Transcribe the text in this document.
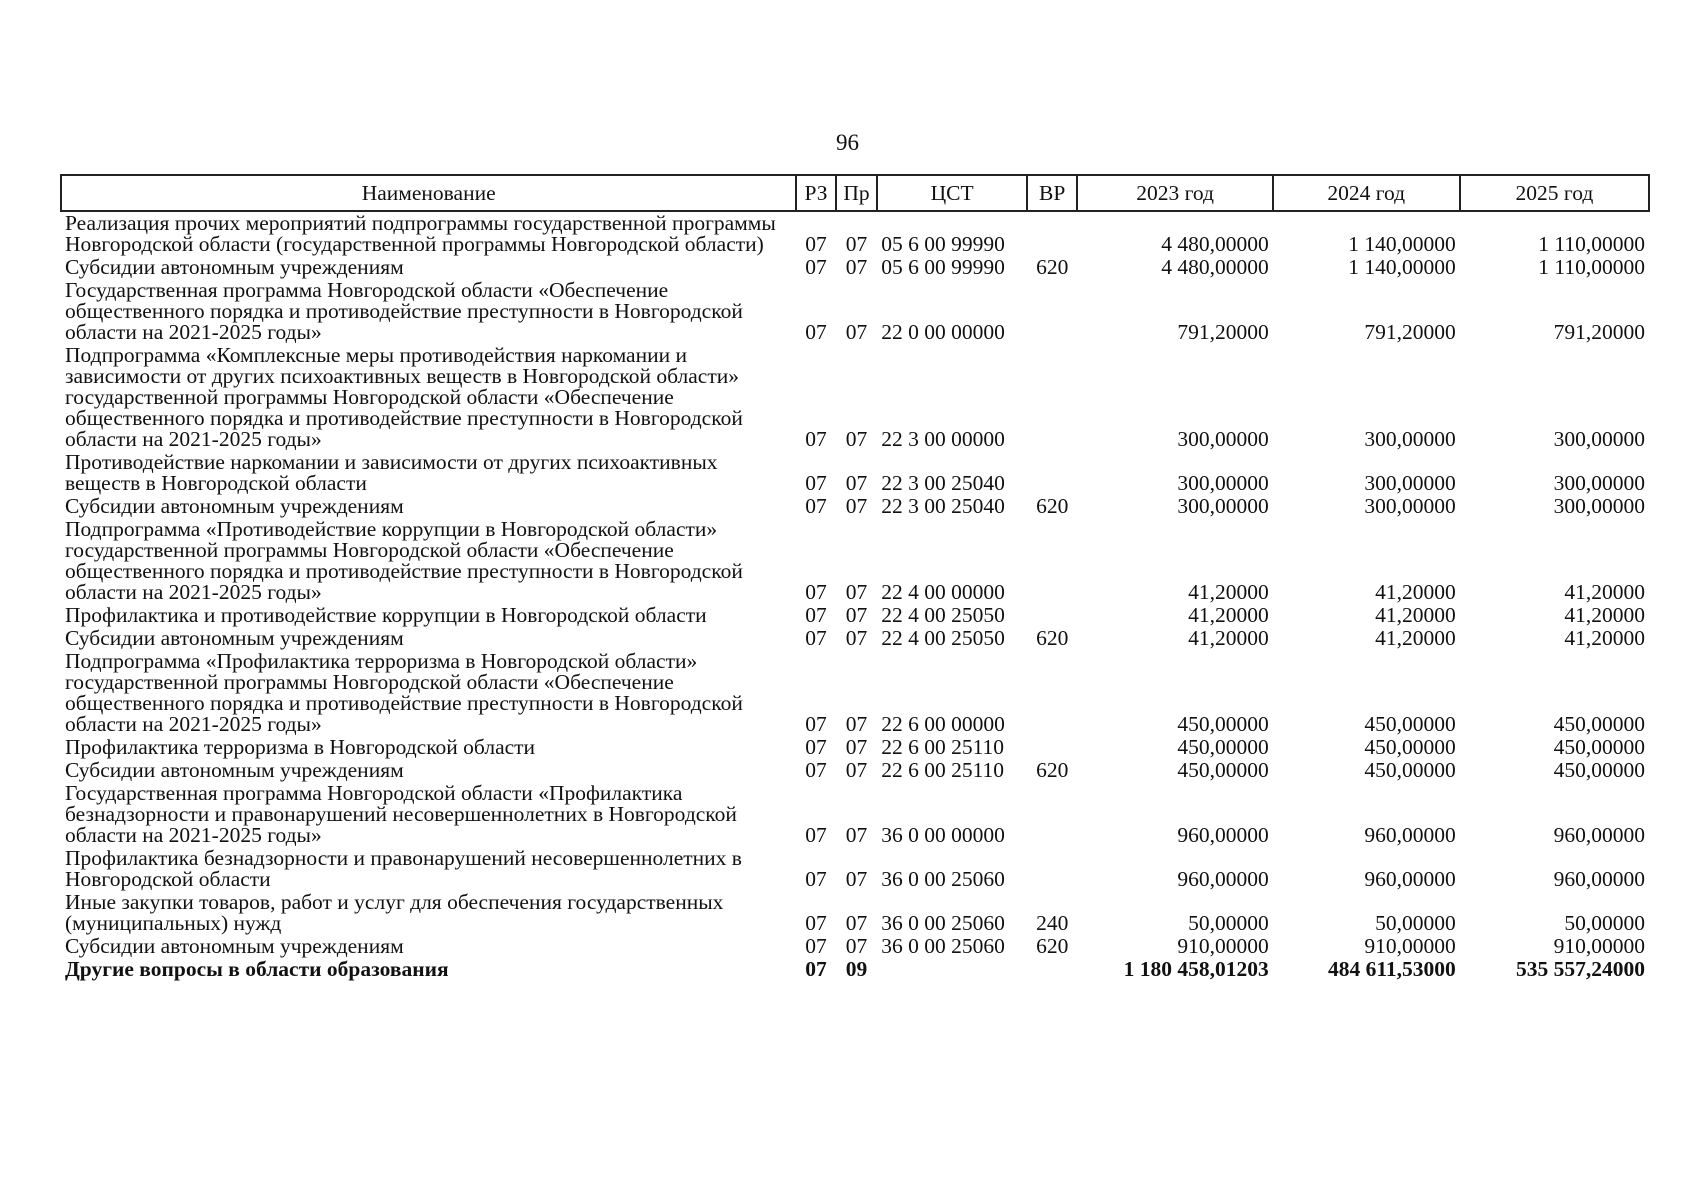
96
Наименование	РЗ	Пр	ЦСТ	ВР	2023 год	2024 год	2025 год
Реализация прочих мероприятий подпрограммы государственной программы Новгородской области (государственной программы Новгородской области)	07	07	05 6 00 99990		4 480,00000	1 140,00000	1 110,00000
Субсидии автономным учреждениям	07	07	05 6 00 99990	620	4 480,00000	1 140,00000	1 110,00000
Государственная программа Новгородской области «Обеспечение общественного порядка и противодействие преступности в Новгородской области на 2021-2025 годы»	07	07	22 0 00 00000		791,20000	791,20000	791,20000
Подпрограмма «Комплексные меры противодействия наркомании и зависимости от других психоактивных веществ в Новгородской области» государственной программы Новгородской области «Обеспечение общественного порядка и противодействие преступности в Новгородской области на 2021-2025 годы»	07	07	22 3 00 00000		300,00000	300,00000	300,00000
Противодействие наркомании и зависимости от других психоактивных веществ в Новгородской области	07	07	22 3 00 25040		300,00000	300,00000	300,00000
Субсидии автономным учреждениям	07	07	22 3 00 25040	620	300,00000	300,00000	300,00000
Подпрограмма «Противодействие коррупции в Новгородской области» государственной программы Новгородской области «Обеспечение общественного порядка и противодействие преступности в Новгородской области на 2021-2025 годы»	07	07	22 4 00 00000		41,20000	41,20000	41,20000
Профилактика и противодействие коррупции в Новгородской области	07	07	22 4 00 25050		41,20000	41,20000	41,20000
Субсидии автономным учреждениям	07	07	22 4 00 25050	620	41,20000	41,20000	41,20000
Подпрограмма «Профилактика терроризма в Новгородской области» государственной программы Новгородской области «Обеспечение общественного порядка и противодействие преступности в Новгородской области на 2021-2025 годы»	07	07	22 6 00 00000		450,00000	450,00000	450,00000
Профилактика терроризма в Новгородской области	07	07	22 6 00 25110		450,00000	450,00000	450,00000
Субсидии автономным учреждениям	07	07	22 6 00 25110	620	450,00000	450,00000	450,00000
Государственная программа Новгородской области «Профилактика безнадзорности и правонарушений несовершеннолетних в Новгородской области на 2021-2025 годы»	07	07	36 0 00 00000		960,00000	960,00000	960,00000
Профилактика безнадзорности и правонарушений несовершеннолетних в Новгородской области	07	07	36 0 00 25060		960,00000	960,00000	960,00000
Иные закупки товаров, работ и услуг для обеспечения государственных (муниципальных) нужд	07	07	36 0 00 25060	240	50,00000	50,00000	50,00000
Субсидии автономным учреждениям	07	07	36 0 00 25060	620	910,00000	910,00000	910,00000
Другие вопросы в области образования	07	09			1 180 458,01203	484 611,53000	535 557,24000
